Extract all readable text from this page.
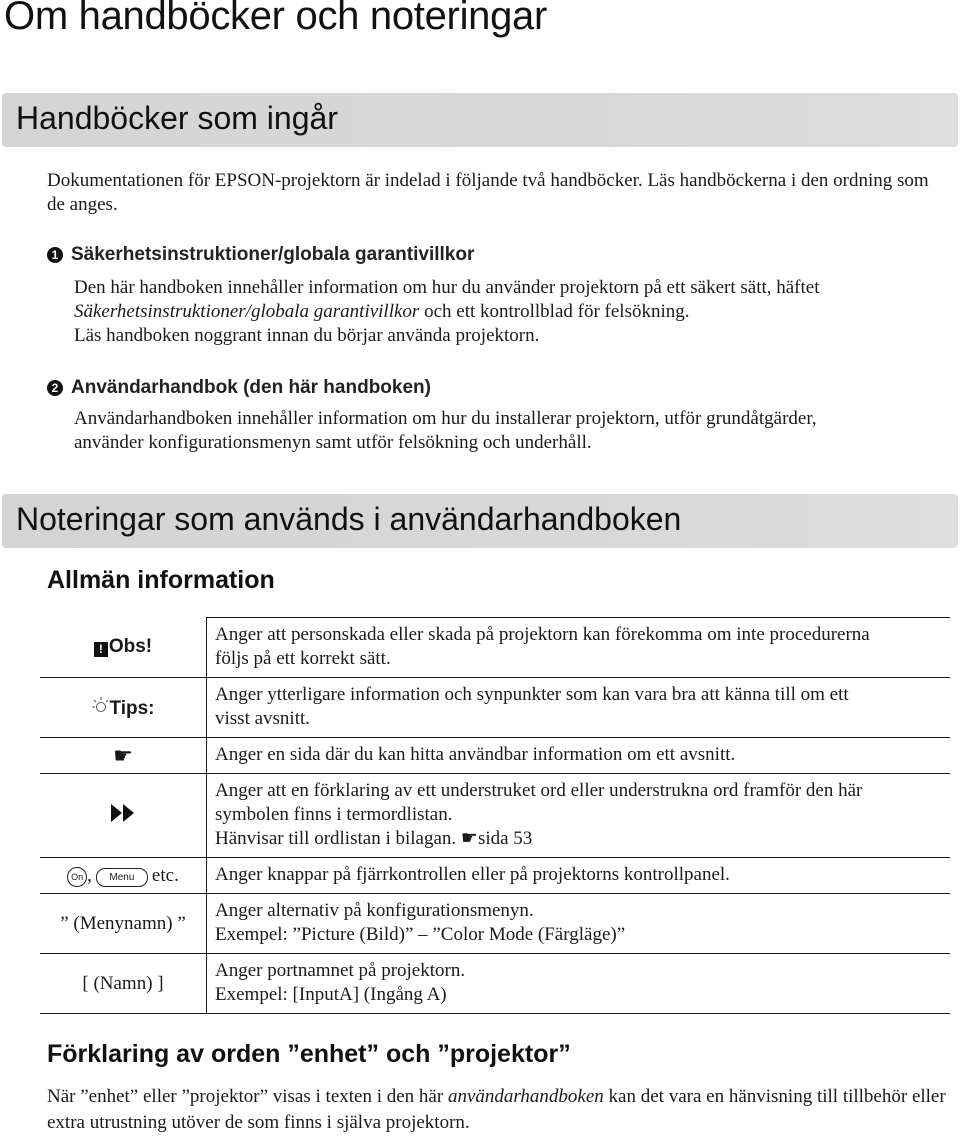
Om handböcker och noteringar
Handböcker som ingår

Dokumentationen för EPSON-projektorn är indelad i följande två handböcker. Läs handböckerna i den ordning som de anges.

1 Säkerhetsinstruktioner/globala garantivillkor

Den här handboken innehåller information om hur du använder projektorn på ett säkert sätt, häftet

Säkerhetsinstruktioner/globala garantivillkor och ett kontrollblad för felsökning.

Läs handboken noggrant innan du börjar använda projektorn.

2 Användarhandbok (den här handboken)

Användarhandboken innehåller information om hur du installerar projektorn, utför grundåtgärder,

använder konfigurationsmenyn samt utför felsökning och underhåll.

Noteringar som används i användarhandboken
Allmän information
! Obs!	Anger att personskada eller skada på projektorn kan förekomma om inte procedurerna
följs på ett korrekt sätt.

Tips:	Anger ytterligare information och synpunkter som kan vara bra att känna till om ett
visst avsnitt.

☛	Anger en sida där du kan hitta användbar information om ett avsnitt.

Anger att en förklaring av ett understruket ord eller understrukna ord framför den här
symbolen finns i termordlistan.
Hänvisar till ordlistan i bilagan. ☛sida 53

On , Menu etc.	Anger knappar på fjärrkontrollen eller på projektorns kontrollpanel.

” (Menynamn) ”	Anger alternativ på konfigurationsmenyn.
Exempel: ”Picture (Bild)” – ”Color Mode (Färgläge)”

[ (Namn) ]	Anger portnamnet på projektorn.
Exempel: [InputA] (Ingång A)
Förklaring av orden ”enhet” och ”projektor”

När ”enhet” eller ”projektor” visas i texten i den här användarhandboken kan det vara en hänvisning till tillbehör eller extra utrustning utöver de som finns i själva projektorn.
